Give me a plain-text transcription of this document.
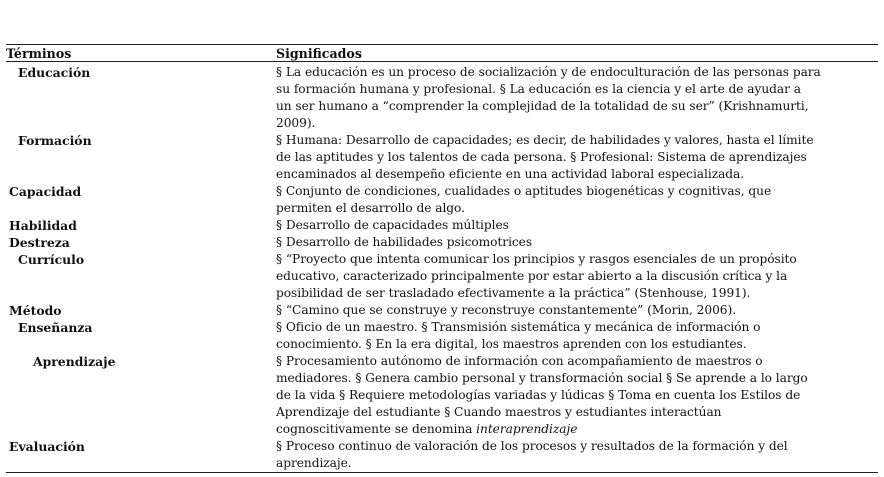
Términos	Significados
Educación	§ La educación es un proceso de socialización y de endoculturación de las personas para
su formación humana y profesional. § La educación es la ciencia y el arte de ayudar a
un ser humano a “comprender la complejidad de la totalidad de su ser” (Krishnamurti,
2009).
Formación	§ Humana: Desarrollo de capacidades; es decir, de habilidades y valores, hasta el límite
de las aptitudes y los talentos de cada persona. § Profesional: Sistema de aprendizajes
encaminados al desempeño eficiente en una actividad laboral especializada.
Capacidad	§ Conjunto de condiciones, cualidades o aptitudes biogenéticas y cognitivas, que
permiten el desarrollo de algo.
Habilidad	§ Desarrollo de capacidades múltiples
Destreza	§ Desarrollo de habilidades psicomotrices
Currículo	§ “Proyecto que intenta comunicar los principios y rasgos esenciales de un propósito
educativo, caracterizado principalmente por estar abierto a la discusión crítica y la
posibilidad de ser trasladado efectivamente a la práctica” (Stenhouse, 1991).
Método	§ “Camino que se construye y reconstruye constantemente” (Morin, 2006).
Enseñanza	§ Oficio de un maestro. § Transmisión sistemática y mecánica de información o
conocimiento. § En la era digital, los maestros aprenden con los estudiantes.
Aprendizaje	§ Procesamiento autónomo de información con acompañamiento de maestros o
mediadores. § Genera cambio personal y transformación social § Se aprende a lo largo
de la vida § Requiere metodologías variadas y lúdicas § Toma en cuenta los Estilos de
Aprendizaje del estudiante § Cuando maestros y estudiantes interactúan
cognoscitivamente se denomina interaprendizaje
Evaluación	§ Proceso continuo de valoración de los procesos y resultados de la formación y del
aprendizaje.
